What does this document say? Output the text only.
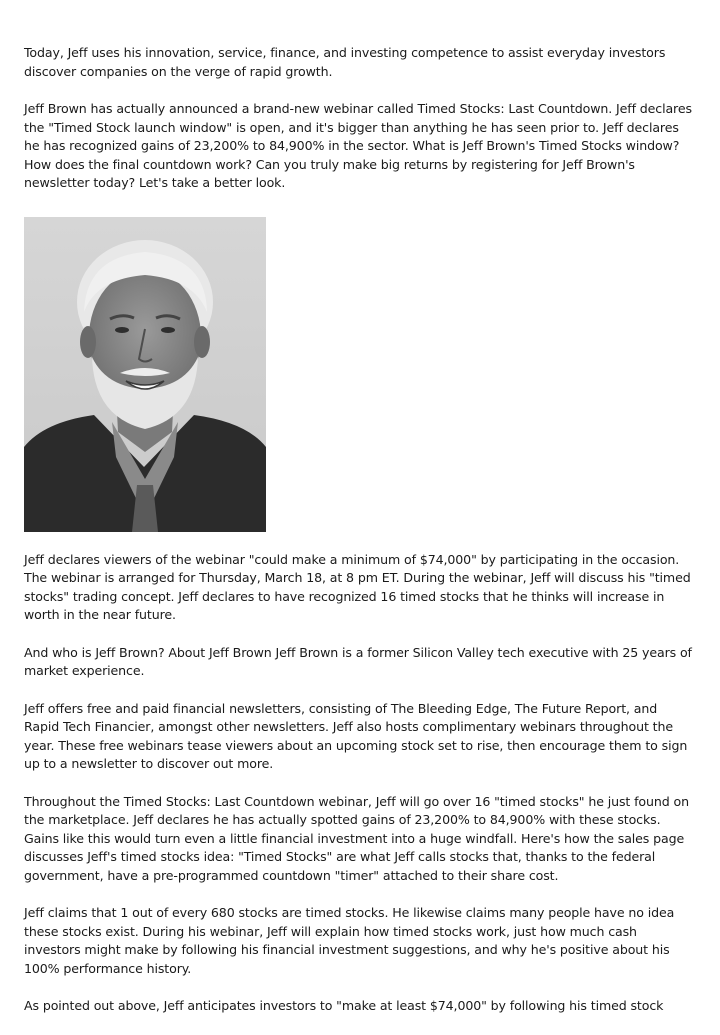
Today, Jeff uses his innovation, service, finance, and investing competence to assist everyday investors discover companies on the verge of rapid growth.

Jeff Brown has actually announced a brand-new webinar called Timed Stocks: Last Countdown. Jeff declares the "Timed Stock launch window" is open, and it's bigger than anything he has seen prior to. Jeff declares he has recognized gains of 23,200% to 84,900% in the sector. What is Jeff Brown's Timed Stocks window? How does the final countdown work? Can you truly make big returns by registering for Jeff Brown's newsletter today? Let's take a better look.

Jeff declares viewers of the webinar "could make a minimum of $74,000" by participating in the occasion. The webinar is arranged for Thursday, March 18, at 8 pm ET. During the webinar, Jeff will discuss his "timed stocks" trading concept. Jeff declares to have recognized 16 timed stocks that he thinks will increase in worth in the near future.

And who is Jeff Brown? About Jeff Brown Jeff Brown is a former Silicon Valley tech executive with 25 years of market experience.

Jeff offers free and paid financial newsletters, consisting of The Bleeding Edge, The Future Report, and Rapid Tech Financier, amongst other newsletters. Jeff also hosts complimentary webinars throughout the year. These free webinars tease viewers about an upcoming stock set to rise, then encourage them to sign up to a newsletter to discover out more.

Throughout the Timed Stocks: Last Countdown webinar, Jeff will go over 16 "timed stocks" he just found on the marketplace. Jeff declares he has actually spotted gains of 23,200% to 84,900% with these stocks. Gains like this would turn even a little financial investment into a huge windfall. Here's how the sales page discusses Jeff's timed stocks idea: "Timed Stocks" are what Jeff calls stocks that, thanks to the federal government, have a pre-programmed countdown "timer" attached to their share cost.

Jeff claims that 1 out of every 680 stocks are timed stocks. He likewise claims many people have no idea these stocks exist. During his webinar, Jeff will explain how timed stocks work, just how much cash investors might make by following his financial investment suggestions, and why he's positive about his 100% performance history.

As pointed out above, Jeff anticipates investors to "make at least $74,000" by following his timed stock
